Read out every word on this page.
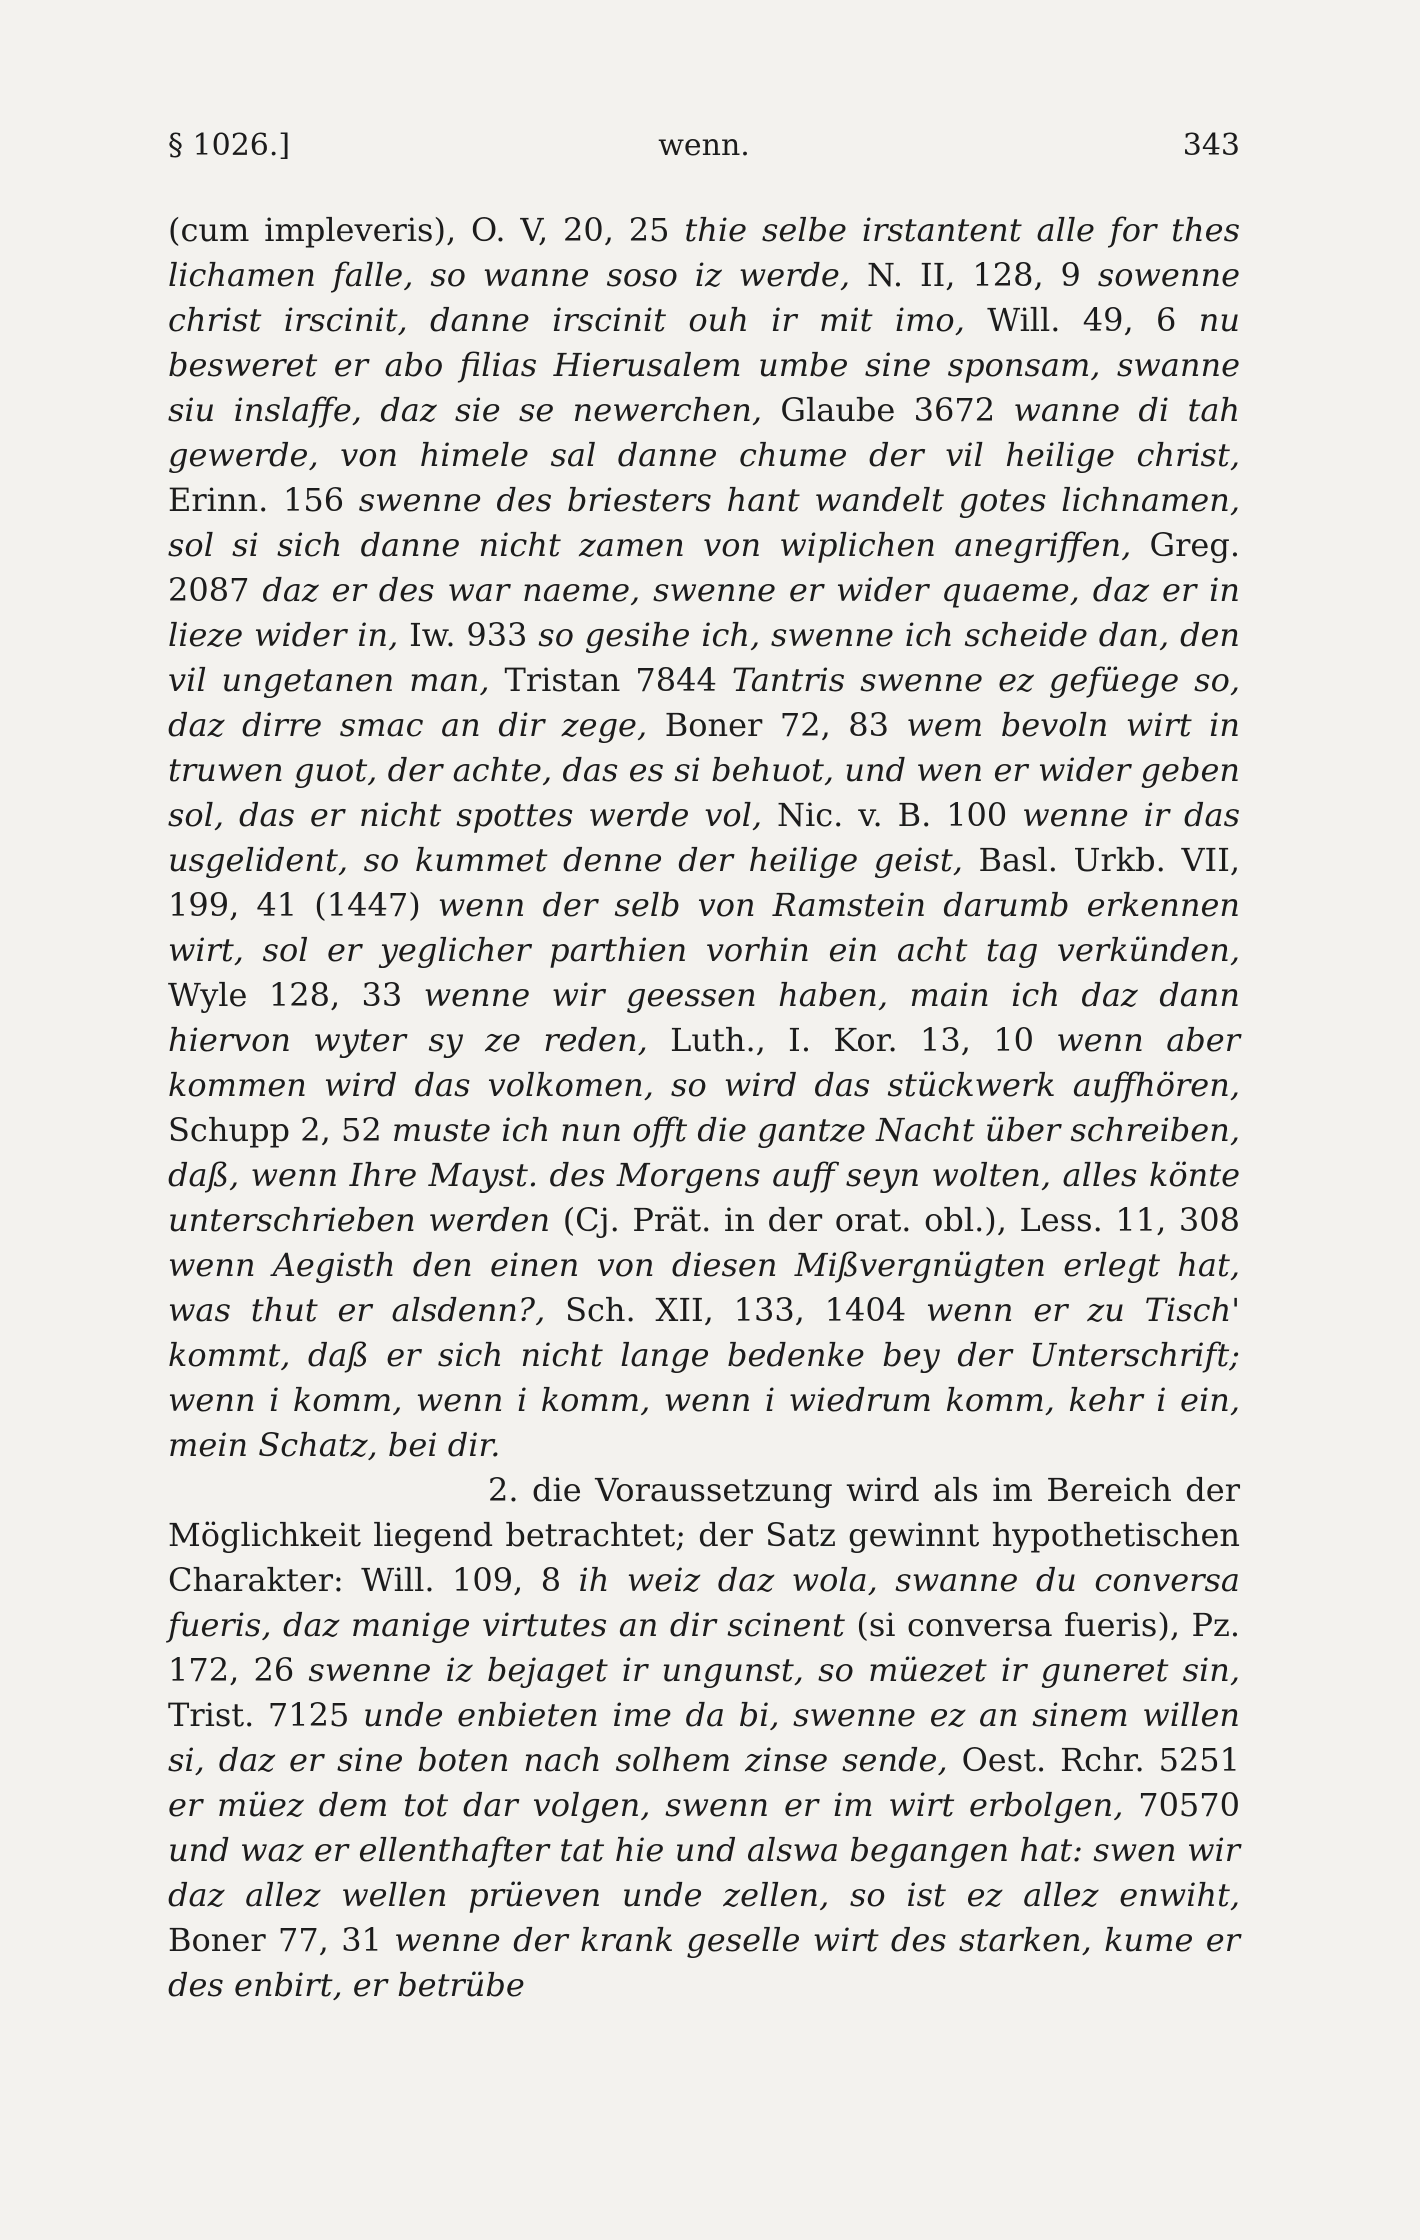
§ 1026.]	wenn.	343

(cum impleveris), O. V, 20, 25 thie selbe irstantent alle for thes lichamen falle, so wanne soso iz werde, N. II, 128, 9 sowenne christ irscinit, danne irscinit ouh ir mit imo, Will. 49, 6 nu besweret er abo filias Hierusalem umbe sine sponsam, swanne siu inslaffe, daz sie se newerchen, Glaube 3672 wanne di tah gewerde, von himele sal danne chume der vil heilige christ, Erinn. 156 swenne des briesters hant wandelt gotes lichnamen, sol si sich danne nicht zamen von wiplichen anegriffen, Greg. 2087 daz er des war naeme, swenne er wider quaeme, daz er in lieze wider in, Iw. 933 so gesihe ich, swenne ich scheide dan, den vil ungetanen man, Tristan 7844 Tantris swenne ez gefüege so, daz dirre smac an dir zege, Boner 72, 83 wem bevoln wirt in truwen guot, der achte, das es si behuot, und wen er wider geben sol, das er nicht spottes werde vol, Nic. v. B. 100 wenne ir das usgelident, so kummet denne der heilige geist, Basl. Urkb. VII, 199, 41 (1447) wenn der selb von Ramstein darumb erkennen wirt, sol er yeglicher parthien vorhin ein acht tag verkünden, Wyle 128, 33 wenne wir geessen haben, main ich daz dann hiervon wyter sy ze reden, Luth., I. Kor. 13, 10 wenn aber kommen wird das volkomen, so wird das stückwerk auffhören, Schupp 2, 52 muste ich nun offt die gantze Nacht über schreiben, daß, wenn Ihre Mayst. des Morgens auff seyn wolten, alles könte unterschrieben werden (Cj. Prät. in der orat. obl.), Less. 11, 308 wenn Aegisth den einen von diesen Mißvergnügten erlegt hat, was thut er alsdenn?, Sch. XII, 133, 1404 wenn er zu Tisch' kommt, daß er sich nicht lange bedenke bey der Unterschrift; wenn i komm, wenn i komm, wenn i wiedrum komm, kehr i ein, mein Schatz, bei dir.

2. die Voraussetzung wird als im Bereich der Möglichkeit liegend betrachtet; der Satz gewinnt hypothetischen Charakter: Will. 109, 8 ih weiz daz wola, swanne du conversa fueris, daz manige virtutes an dir scinent (si conversa fueris), Pz. 172, 26 swenne iz bejaget ir ungunst, so müezet ir guneret sin, Trist. 7125 unde enbieten ime da bi, swenne ez an sinem willen si, daz er sine boten nach solhem zinse sende, Oest. Rchr. 5251 er müez dem tot dar volgen, swenn er im wirt erbolgen, 70570 und waz er ellenthafter tat hie und alswa begangen hat: swen wir daz allez wellen prüeven unde zellen, so ist ez allez enwiht, Boner 77, 31 wenne der krank geselle wirt des starken, kume er des enbirt, er betrübe
